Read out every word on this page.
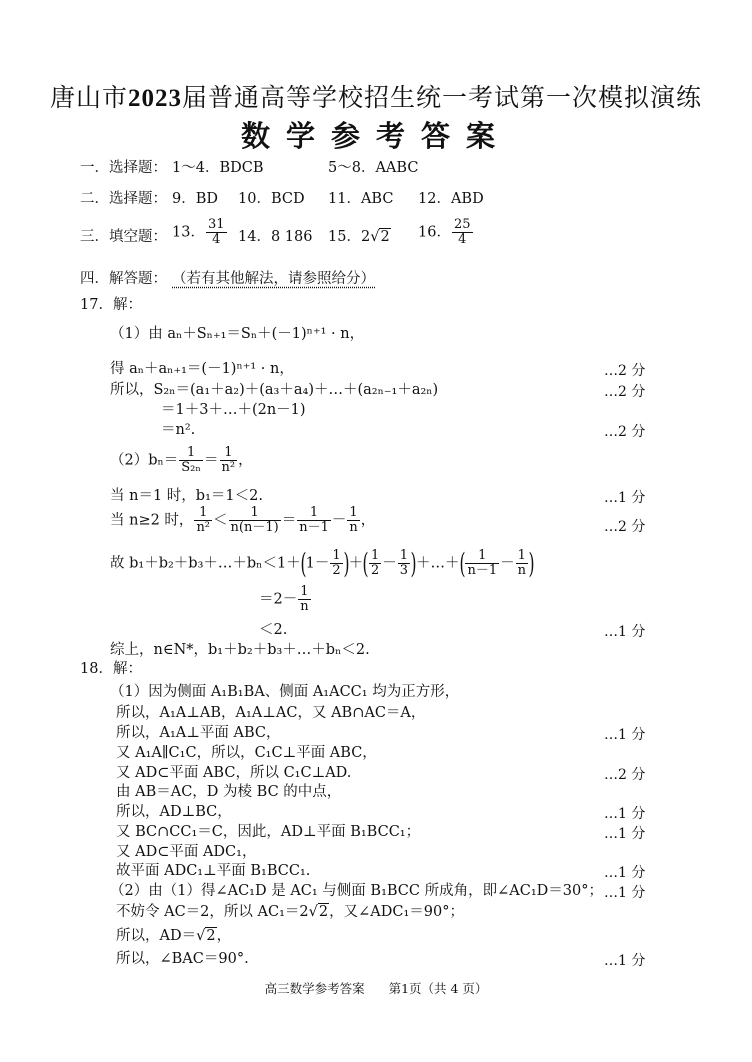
唐山市2023届普通高等学校招生统一考试第一次模拟演练
数学参考答案
一．选择题： 1～4．BDCB	5～8．AABC
二．选择题： 9．BD 10．BCD 11．ABC 12．ABD
三．填空题： 13． $\frac{31}{4} 14$．8 186 15．2√2 16． $\frac{25}{4}$
四．解答题： （若有其他解法，请参照给分）
17．解：
（1）由 aₙ＋Sₙ₊₁＝Sₙ＋(－1)ⁿ⁺¹ · n，
得 aₙ＋aₙ₊₁＝(－1)ⁿ⁺¹ · n，	…2 分
所以，S₂ₙ＝(a₁＋a₂)＋(a₃＋a₄)＋…＋(a₂ₙ₋₁＋a₂ₙ)	…2 分
＝1＋3＋…＋(2n－1)
＝n².	…2 分
$(2)b_n= \frac{1}{\text{S₂ₙ}} = \frac{1}{\text{n²}}$ ，
当 n＝1 时，b₁＝1＜2.	…1 分
当 n≥2 时， $\frac{1}{\text{n²}} < \frac{1}{n(n-1)} = \frac{1}{n-1} - \frac{1}{n}$ ，	…2 分
故 b₁＋b₂＋b₃＋…＋bₙ＜1＋(1－ $\frac{1}{2}$ )＋( $\frac{1}{2} - \frac{1}{3}$ )＋…＋( $\frac{1}{n-1} - \frac{1}{n}$ )
$=2- \frac{1}{n}$
＜2.	…1 分
综上，n∈N*，b₁＋b₂＋b₃＋…＋bₙ＜2.
18．解：
（1）因为侧面 A₁B₁BA、侧面 A₁ACC₁ 均为正方形，
所以，A₁A⊥AB，A₁A⊥AC，又 AB∩AC＝A，
所以，A₁A⊥平面 ABC，	…1 分
又 A₁A∥C₁C，所以，C₁C⊥平面 ABC，
又 AD⊂平面 ABC，所以 C₁C⊥AD.	…2 分
由 AB＝AC，D 为棱 BC 的中点，
所以，AD⊥BC，	…1 分
又 BC∩CC₁＝C，因此，AD⊥平面 B₁BCC₁；	…1 分
又 AD⊂平面 ADC₁，
故平面 ADC₁⊥平面 B₁BCC₁.	…1 分
（2）由（1）得∠AC₁D 是 AC₁ 与侧面 B₁BCC 所成角，即∠AC₁D＝30°； …1 分
不妨令 AC＝2，所以 AC₁＝2√2，又∠ADC₁＝90°；
所以，AD＝√2，
所以，∠BAC＝90°.	…1 分
高三数学参考答案 第1页（共 4 页）
